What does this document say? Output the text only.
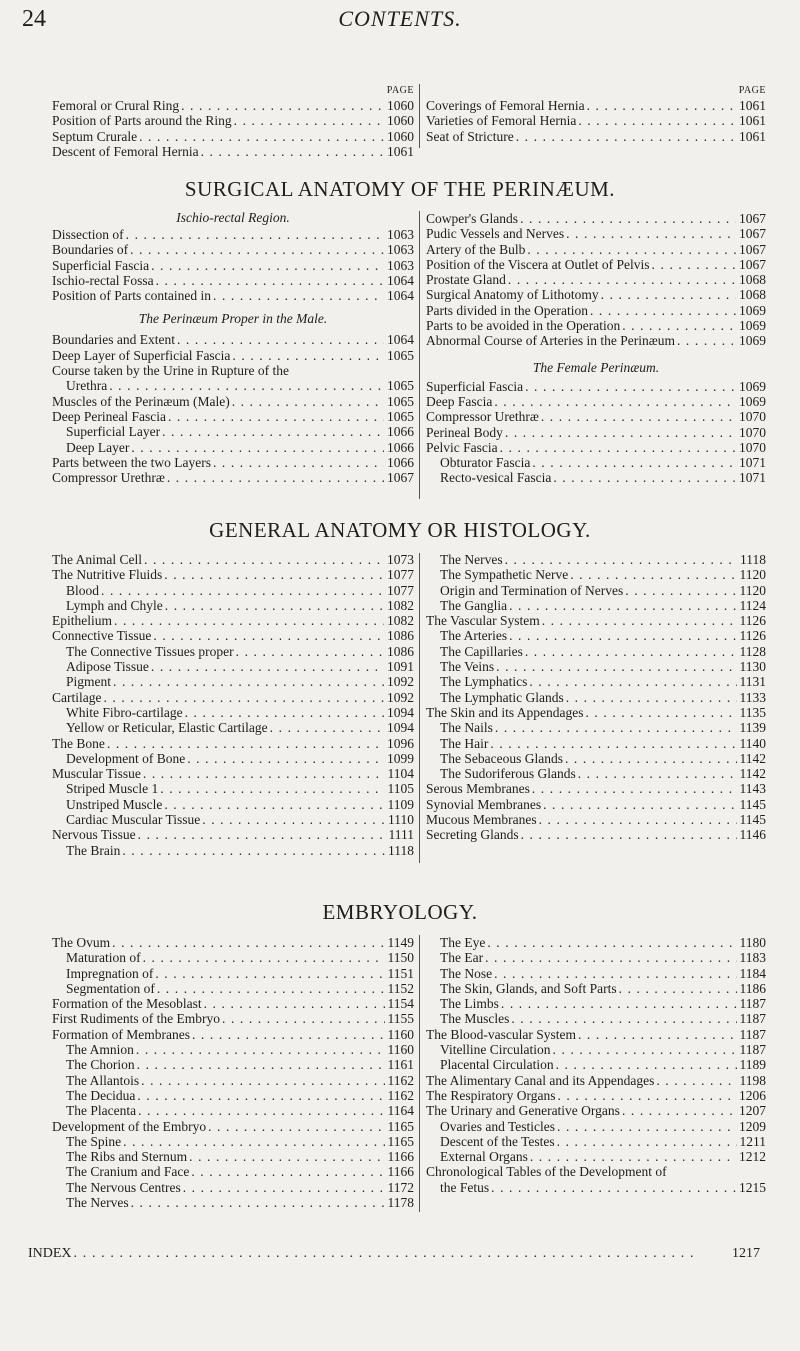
24	CONTENTS.
PAGE
Femoral or Crural Ring . . .	1060
Position of Parts around the Ring . . .	1060
Septum Crurale . . .	1060
Descent of Femoral Hernia . . .	1061
PAGE
Coverings of Femoral Hernia . . .	1061
Varieties of Femoral Hernia . . .	1061
Seat of Stricture . . .	1061
SURGICAL ANATOMY OF THE PERINÆUM.
Ischio-rectal Region.
Dissection of . . .	1063
Boundaries of . . .	1063
Superficial Fascia . . .	1063
Ischio-rectal Fossa . . .	1064
Position of Parts contained in . . .	1064
The Perinæum Proper in the Male.
Boundaries and Extent . . .	1064
Deep Layer of Superficial Fascia . . .	1065
Course taken by the Urine in Rupture of the
Urethra . . .	1065
Muscles of the Perinæum (Male) . . .	1065
Deep Perineal Fascia . . .	1065
Superficial Layer . . .	1066
Deep Layer . . .	1066
Parts between the two Layers . . .	1066
Compressor Urethræ . . .	1067
Cowper's Glands . . .	1067
Pudic Vessels and Nerves . . .	1067
Artery of the Bulb . . .	1067
Position of the Viscera at Outlet of Pelvis . . .	1067
Prostate Gland . . .	1068
Surgical Anatomy of Lithotomy . . .	1068
Parts divided in the Operation . . .	1069
Parts to be avoided in the Operation . . .	1069
Abnormal Course of Arteries in the Perinæum . . .	1069
The Female Perinæum.
Superficial Fascia . . .	1069
Deep Fascia . . .	1069
Compressor Urethræ . . .	1070
Perineal Body . . .	1070
Pelvic Fascia . . .	1070
Obturator Fascia . . .	1071
Recto-vesical Fascia . . .	1071
GENERAL ANATOMY OR HISTOLOGY.
The Animal Cell . . .	1073
The Nutritive Fluids . . .	1077
Blood . . .	1077
Lymph and Chyle . . .	1082
Epithelium . . .	1082
Connective Tissue . . .	1086
The Connective Tissues proper . . .	1086
Adipose Tissue . . .	1091
Pigment . . .	1092
Cartilage . . .	1092
White Fibro-cartilage . . .	1094
Yellow or Reticular, Elastic Cartilage . . .	1094
The Bone . . .	1096
Development of Bone . . .	1099
Muscular Tissue . . .	1104
Striped Muscle 1 . . .	1105
Unstriped Muscle . . .	1109
Cardiac Muscular Tissue . . .	1110
Nervous Tissue . . .	1111
The Brain . . .	1118
The Nerves . . .	1118
The Sympathetic Nerve . . .	1120
Origin and Termination of Nerves . . .	1120
The Ganglia . . .	1124
The Vascular System . . .	1126
The Arteries . . .	1126
The Capillaries . . .	1128
The Veins . . .	1130
The Lymphatics . . .	1131
The Lymphatic Glands . . .	1133
The Skin and its Appendages . . .	1135
The Nails . . .	1139
The Hair . . .	1140
The Sebaceous Glands . . .	1142
The Sudoriferous Glands . . .	1142
Serous Membranes . . .	1143
Synovial Membranes . . .	1145
Mucous Membranes . . .	1145
Secreting Glands . . .	1146
EMBRYOLOGY.
The Ovum . . .	1149
Maturation of . . .	1150
Impregnation of . . .	1151
Segmentation of . . .	1152
Formation of the Mesoblast . . .	1154
First Rudiments of the Embryo . . .	1155
Formation of Membranes . . .	1160
The Amnion . . .	1160
The Chorion . . .	1161
The Allantois . . .	1162
The Decidua . . .	1162
The Placenta . . .	1164
Development of the Embryo . . .	1165
The Spine . . .	1165
The Ribs and Sternum . . .	1166
The Cranium and Face . . .	1166
The Nervous Centres . . .	1172
The Nerves . . .	1178
The Eye . . .	1180
The Ear . . .	1183
The Nose . . .	1184
The Skin, Glands, and Soft Parts . . .	1186
The Limbs . . .	1187
The Muscles . . .	1187
The Blood-vascular System . . .	1187
Vitelline Circulation . . .	1187
Placental Circulation . . .	1189
The Alimentary Canal and its Appendages . . .	1198
The Respiratory Organs . . .	1206
The Urinary and Generative Organs . . .	1207
Ovaries and Testicles . . .	1209
Descent of the Testes . . .	1211
External Organs . . .	1212
Chronological Tables of the Development of
the Fetus . . .	1215
INDEX . . .	1217
